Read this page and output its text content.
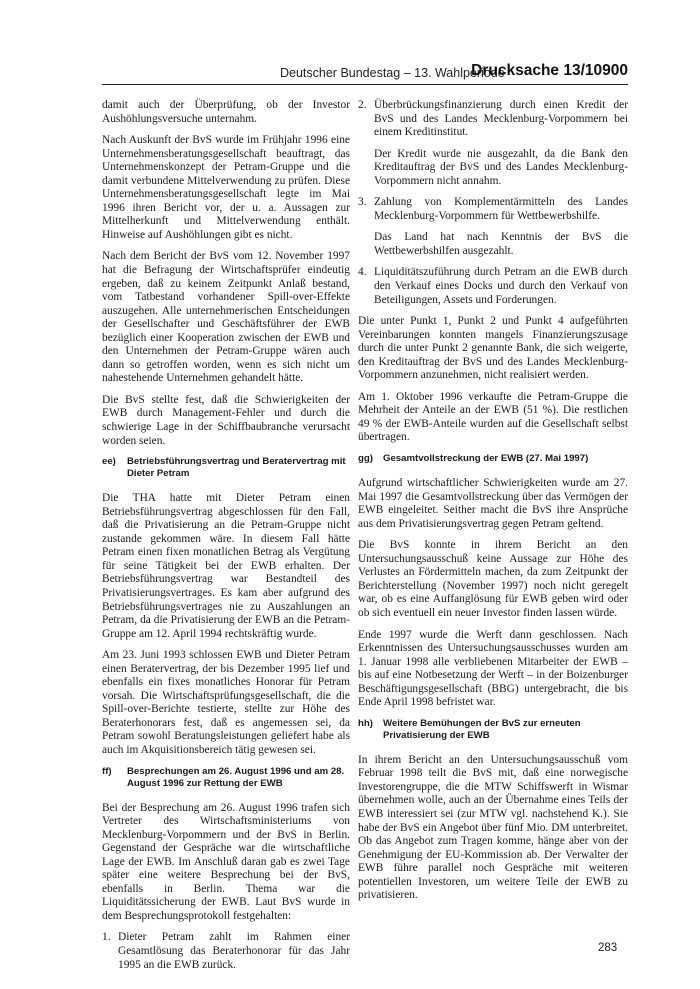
Deutscher Bundestag – 13. Wahlperiode
Drucksache 13/10900

damit auch der Überprüfung, ob der Investor Aushöhlungsversuche unternahm.

Nach Auskunft der BvS wurde im Frühjahr 1996 eine Unternehmensberatungsgesellschaft beauftragt, das Unternehmenskonzept der Petram-Gruppe und die damit verbundene Mittelverwendung zu prüfen. Diese Unternehmensberatungsgesellschaft legte im Mai 1996 ihren Bericht vor, der u. a. Aussagen zur Mittelherkunft und Mittelverwendung enthält. Hinweise auf Aushöhlungen gibt es nicht.

Nach dem Bericht der BvS vom 12. November 1997 hat die Befragung der Wirtschaftsprüfer eindeutig ergeben, daß zu keinem Zeitpunkt Anlaß bestand, vom Tatbestand vorhandener Spill-over-Effekte auszugehen. Alle unternehmerischen Entscheidungen der Gesellschafter und Geschäftsführer der EWB bezüglich einer Kooperation zwischen der EWB und den Unternehmen der Petram-Gruppe wären auch dann so getroffen worden, wenn es sich nicht um nahestehende Unternehmen gehandelt hätte.

Die BvS stellte fest, daß die Schwierigkeiten der EWB durch Management-Fehler und durch die schwierige Lage in der Schiffbaubranche verursacht worden seien.

ee)	Betriebsführungsvertrag und Beratervertrag mit Dieter Petram

Die THA hatte mit Dieter Petram einen Betriebsführungsvertrag abgeschlossen für den Fall, daß die Privatisierung an die Petram-Gruppe nicht zustande gekommen wäre. In diesem Fall hätte Petram einen fixen monatlichen Betrag als Vergütung für seine Tätigkeit bei der EWB erhalten. Der Betriebsführungsvertrag war Bestandteil des Privatisierungsvertrages. Es kam aber aufgrund des Betriebsführungsvertrages nie zu Auszahlungen an Petram, da die Privatisierung der EWB an die Petram-Gruppe am 12. April 1994 rechtskräftig wurde.

Am 23. Juni 1993 schlossen EWB und Dieter Petram einen Beratervertrag, der bis Dezember 1995 lief und ebenfalls ein fixes monatliches Honorar für Petram vorsah. Die Wirtschaftsprüfungsgesellschaft, die die Spill-over-Berichte testierte, stellte zur Höhe des Beraterhonorars fest, daß es angemessen sei, da Petram sowohl Beratungsleistungen geliefert habe als auch im Akquisitionsbereich tätig gewesen sei.

ff)	Besprechungen am 26. August 1996 und am 28. August 1996 zur Rettung der EWB

Bei der Besprechung am 26. August 1996 trafen sich Vertreter des Wirtschaftsministeriums von Mecklenburg-Vorpommern und der BvS in Berlin. Gegenstand der Gespräche war die wirtschaftliche Lage der EWB. Im Anschluß daran gab es zwei Tage später eine weitere Besprechung bei der BvS, ebenfalls in Berlin. Thema war die Liquiditätssicherung der EWB. Laut BvS wurde in dem Besprechungsprotokoll festgehalten:

1. Dieter Petram zahlt im Rahmen einer Gesamtlösung das Beraterhonorar für das Jahr 1995 an die EWB zurück.
2. Überbrückungsfinanzierung durch einen Kredit der BvS und des Landes Mecklenburg-Vorpommern bei einem Kreditinstitut.

Der Kredit wurde nie ausgezahlt, da die Bank den Kreditauftrag der BvS und des Landes Mecklenburg-Vorpommern nicht annahm.

3. Zahlung von Komplementärmitteln des Landes Mecklenburg-Vorpommern für Wettbewerbshilfe.

Das Land hat nach Kenntnis der BvS die Wettbewerbshilfen ausgezahlt.

4. Liquiditätszuführung durch Petram an die EWB durch den Verkauf eines Docks und durch den Verkauf von Beteiligungen, Assets und Forderungen.

Die unter Punkt 1, Punkt 2 und Punkt 4 aufgeführten Vereinbarungen konnten mangels Finanzierungszusage durch die unter Punkt 2 genannte Bank, die sich weigerte, den Kreditauftrag der BvS und des Landes Mecklenburg-Vorpommern anzunehmen, nicht realisiert werden.

Am 1. Oktober 1996 verkaufte die Petram-Gruppe die Mehrheit der Anteile an der EWB (51 %). Die restlichen 49 % der EWB-Anteile wurden auf die Gesellschaft selbst übertragen.

gg)	Gesamtvollstreckung der EWB (27. Mai 1997)

Aufgrund wirtschaftlicher Schwierigkeiten wurde am 27. Mai 1997 die Gesamtvollstreckung über das Vermögen der EWB eingeleitet. Seither macht die BvS ihre Ansprüche aus dem Privatisierungsvertrag gegen Petram geltend.

Die BvS konnte in ihrem Bericht an den Untersuchungsausschuß keine Aussage zur Höhe des Verlustes an Fördermitteln machen, da zum Zeitpunkt der Berichterstellung (November 1997) noch nicht geregelt war, ob es eine Auffanglösung für EWB geben wird oder ob sich eventuell ein neuer Investor finden lassen würde.

Ende 1997 wurde die Werft dann geschlossen. Nach Erkenntnissen des Untersuchungsausschusses wurden am 1. Januar 1998 alle verbliebenen Mitarbeiter der EWB – bis auf eine Notbesetzung der Werft – in der Boizenburger Beschäftigungsgesellschaft (BBG) untergebracht, die bis Ende April 1998 befristet war.

hh)	Weitere Bemühungen der BvS zur erneuten Privatisierung der EWB

In ihrem Bericht an den Untersuchungsausschuß vom Februar 1998 teilt die BvS mit, daß eine norwegische Investorengruppe, die die MTW Schiffswerft in Wismar übernehmen wolle, auch an der Übernahme eines Teils der EWB interessiert sei (zur MTW vgl. nachstehend K.). Sie habe der BvS ein Angebot über fünf Mio. DM unterbreitet. Ob das Angebot zum Tragen komme, hänge aber von der Genehmigung der EU-Kommission ab. Der Verwalter der EWB führe parallel noch Gespräche mit weiteren potentiellen Investoren, um weitere Teile der EWB zu privatisieren.

283
